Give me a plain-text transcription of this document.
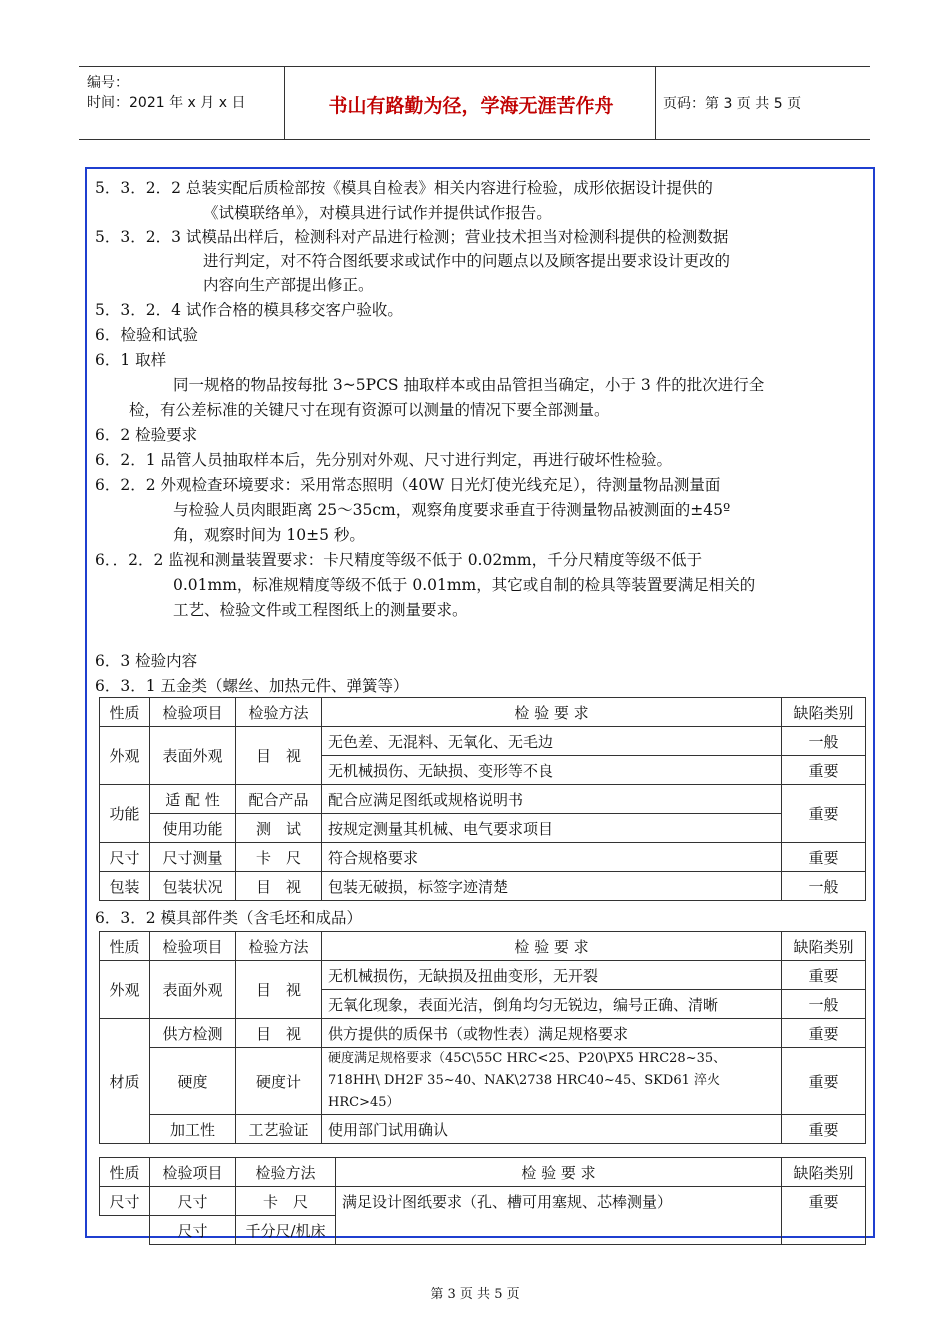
编号：
时间：2021 年 x 月 x 日	书山有路勤为径，学海无涯苦作舟	页码：第 3 页 共 5 页
5．3．2．2 总装实配后质检部按《模具自检表》相关内容进行检验，成形依据设计提供的
《试模联络单》，对模具进行试作并提供试作报告。
5．3．2．3 试模品出样后，检测科对产品进行检测；营业技术担当对检测科提供的检测数据
进行判定，对不符合图纸要求或试作中的问题点以及顾客提出要求设计更改的
内容向生产部提出修正。
5．3．2．4 试作合格的模具移交客户验收。
6．检验和试验
6．1 取样
同一规格的物品按每批 3~5PCS 抽取样本或由品管担当确定，小于 3 件的批次进行全
检，有公差标准的关键尺寸在现有资源可以测量的情况下要全部测量。
6．2 检验要求
6．2．1 品管人员抽取样本后，先分别对外观、尺寸进行判定，再进行破坏性检验。
6．2．2 外观检查环境要求：采用常态照明（40W 日光灯使光线充足），待测量物品测量面
与检验人员肉眼距离 25～35cm，观察角度要求垂直于待测量物品被测面的±45º
角，观察时间为 10±5 秒。
6．．2．2 监视和测量装置要求：卡尺精度等级不低于 0.02mm，千分尺精度等级不低于
0.01mm，标准规精度等级不低于 0.01mm，其它或自制的检具等装置要满足相关的
工艺、检验文件或工程图纸上的测量要求。
6．3 检验内容
6．3．1 五金类（螺丝、加热元件、弹簧等）
性质	检验项目	检验方法	检 验 要 求	缺陷类别
外观	表面外观	目　视	无色差、无混料、无氧化、无毛边	一般
			无机械损伤、无缺损、变形等不良	重要
功能	适 配 性	配合产品	配合应满足图纸或规格说明书	重要
	使用功能	测　试	按规定测量其机械、电气要求项目	
尺寸	尺寸测量	卡　尺	符合规格要求	重要
包装	包装状况	目　视	包装无破损，标签字迹清楚	一般
6．3．2 模具部件类（含毛坯和成品）
性质	检验项目	检验方法	检 验 要 求	缺陷类别
外观	表面外观	目　视	无机械损伤，无缺损及扭曲变形，无开裂	重要
			无氧化现象，表面光洁，倒角均匀无锐边，编号正确、清晰	一般
材质	供方检测	目　视	供方提供的质保书（或物性表）满足规格要求	重要
	硬度	硬度计	硬度满足规格要求（45C\55C HRC<25、P20\PX5 HRC28~35、718HH\ DH2F 35~40、NAK\2738 HRC40~45、SKD61 淬火 HRC>45）	重要
	加工性	工艺验证	使用部门试用确认	重要
性质	检验项目	检验方法	检 验 要 求	缺陷类别
尺寸	尺寸	卡　尺	满足设计图纸要求（孔、槽可用塞规、芯棒测量）	重要
	尺寸	千分尺/机床		
第 3 页 共 5 页
